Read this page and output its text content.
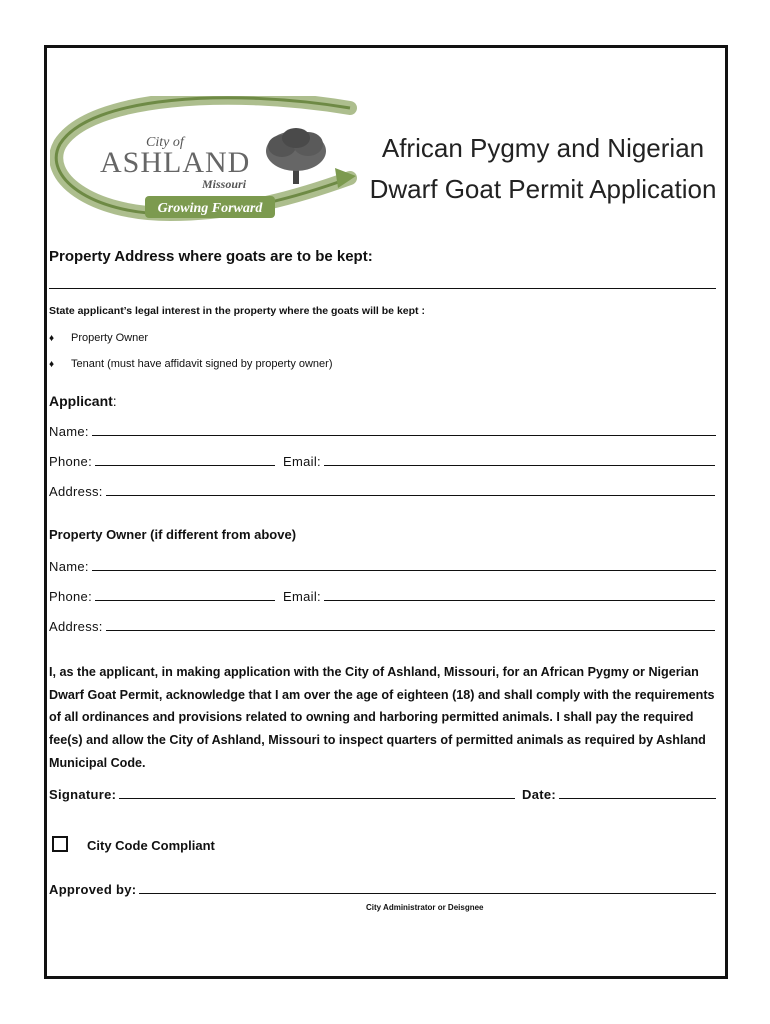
Growing Forward
City of
ASHLAND
Missouri
African Pygmy and Nigerian
Dwarf Goat Permit Application
Property Address where goats are to be kept:
State applicant’s legal interest in the property where the goats will be kept :
♦	Property Owner
♦	Tenant (must have affidavit signed by property owner)
Applicant:
Name:
Phone:	Email:
Address:
Property Owner (if different from above)
Name:
Phone:	Email:
Address:
I, as the applicant, in making application with the City of Ashland, Missouri, for an African Pygmy or Nigerian Dwarf Goat Permit, acknowledge that I am over the age of eighteen (18) and shall comply with the requirements of all ordinances and provisions related to owning and harboring permitted animals. I shall pay the required fee(s) and allow the City of Ashland, Missouri to inspect quarters of permitted animals as required by Ashland Municipal Code.
Signature:	Date:
City Code Compliant
Approved by:
City Administrator or Deisgnee
